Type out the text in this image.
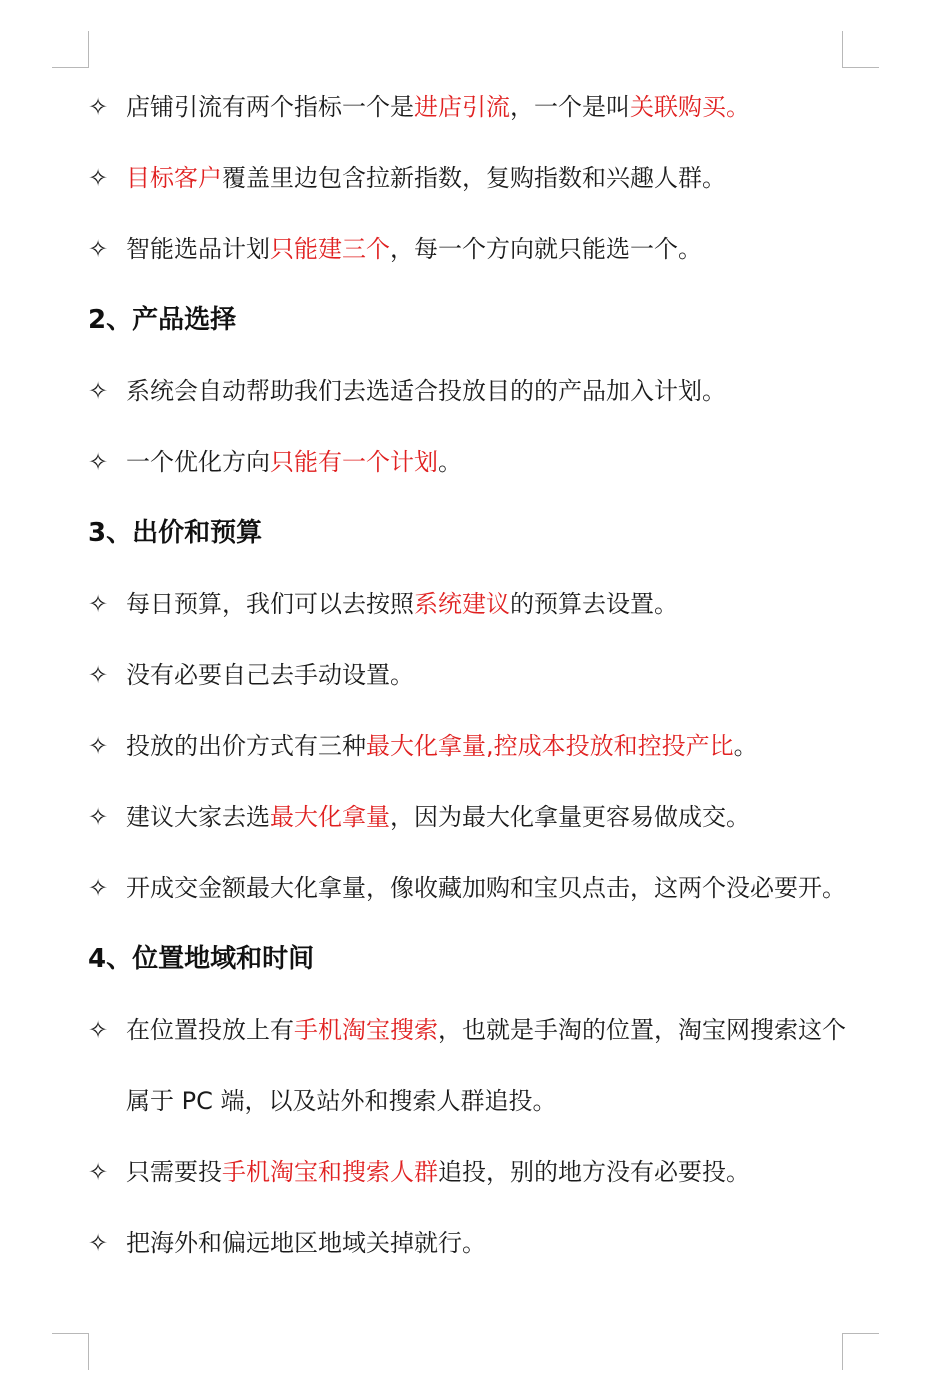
✧ 店铺引流有两个指标一个是进店引流，一个是叫关联购买。
✧ 目标客户覆盖里边包含拉新指数，复购指数和兴趣人群。
✧ 智能选品计划只能建三个，每一个方向就只能选一个。
2、产品选择
✧ 系统会自动帮助我们去选适合投放目的的产品加入计划。
✧ 一个优化方向只能有一个计划。
3、出价和预算
✧ 每日预算，我们可以去按照系统建议的预算去设置。
✧ 没有必要自己去手动设置。
✧ 投放的出价方式有三种最大化拿量,控成本投放和控投产比。
✧ 建议大家去选最大化拿量，因为最大化拿量更容易做成交。
✧ 开成交金额最大化拿量，像收藏加购和宝贝点击，这两个没必要开。
4、位置地域和时间
✧ 在位置投放上有手机淘宝搜索，也就是手淘的位置，淘宝网搜索这个属于 PC 端，以及站外和搜索人群追投。
✧ 只需要投手机淘宝和搜索人群追投，别的地方没有必要投。
✧ 把海外和偏远地区地域关掉就行。
